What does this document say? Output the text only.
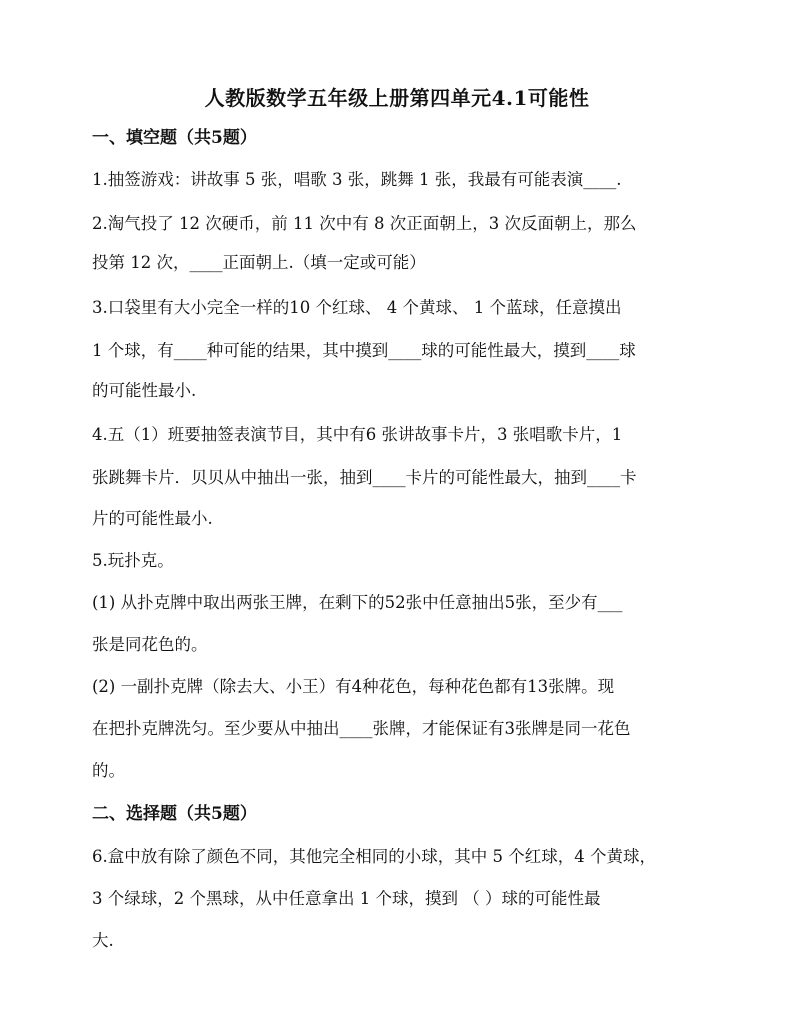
人教版数学五年级上册第四单元4.1可能性
一、填空题（共5题）
1.抽签游戏：讲故事 5 张，唱歌 3 张，跳舞 1 张，我最有可能表演____.
2.淘气投了 12 次硬币，前 11 次中有 8 次正面朝上，3 次反面朝上，那么
投第 12 次，____正面朝上.（填一定或可能）
3.口袋里有大小完全一样的10 个红球、 4 个黄球、 1 个蓝球，任意摸出
1 个球，有____种可能的结果，其中摸到____球的可能性最大，摸到____球
的可能性最小.
4.五（1）班要抽签表演节目，其中有6 张讲故事卡片，3 张唱歌卡片，1
张跳舞卡片．贝贝从中抽出一张，抽到____卡片的可能性最大，抽到____卡
片的可能性最小.
5.玩扑克。
(1) 从扑克牌中取出两张王牌，在剩下的52张中任意抽出5张，至少有___
张是同花色的。
(2) 一副扑克牌（除去大、小王）有4种花色，每种花色都有13张牌。现
在把扑克牌洗匀。至少要从中抽出____张牌，才能保证有3张牌是同一花色
的。
二、选择题（共5题）
6.盒中放有除了颜色不同，其他完全相同的小球，其中 5 个红球，4 个黄球，
3 个绿球，2 个黑球，从中任意拿出 1 个球，摸到 （ ）球的可能性最
大.
